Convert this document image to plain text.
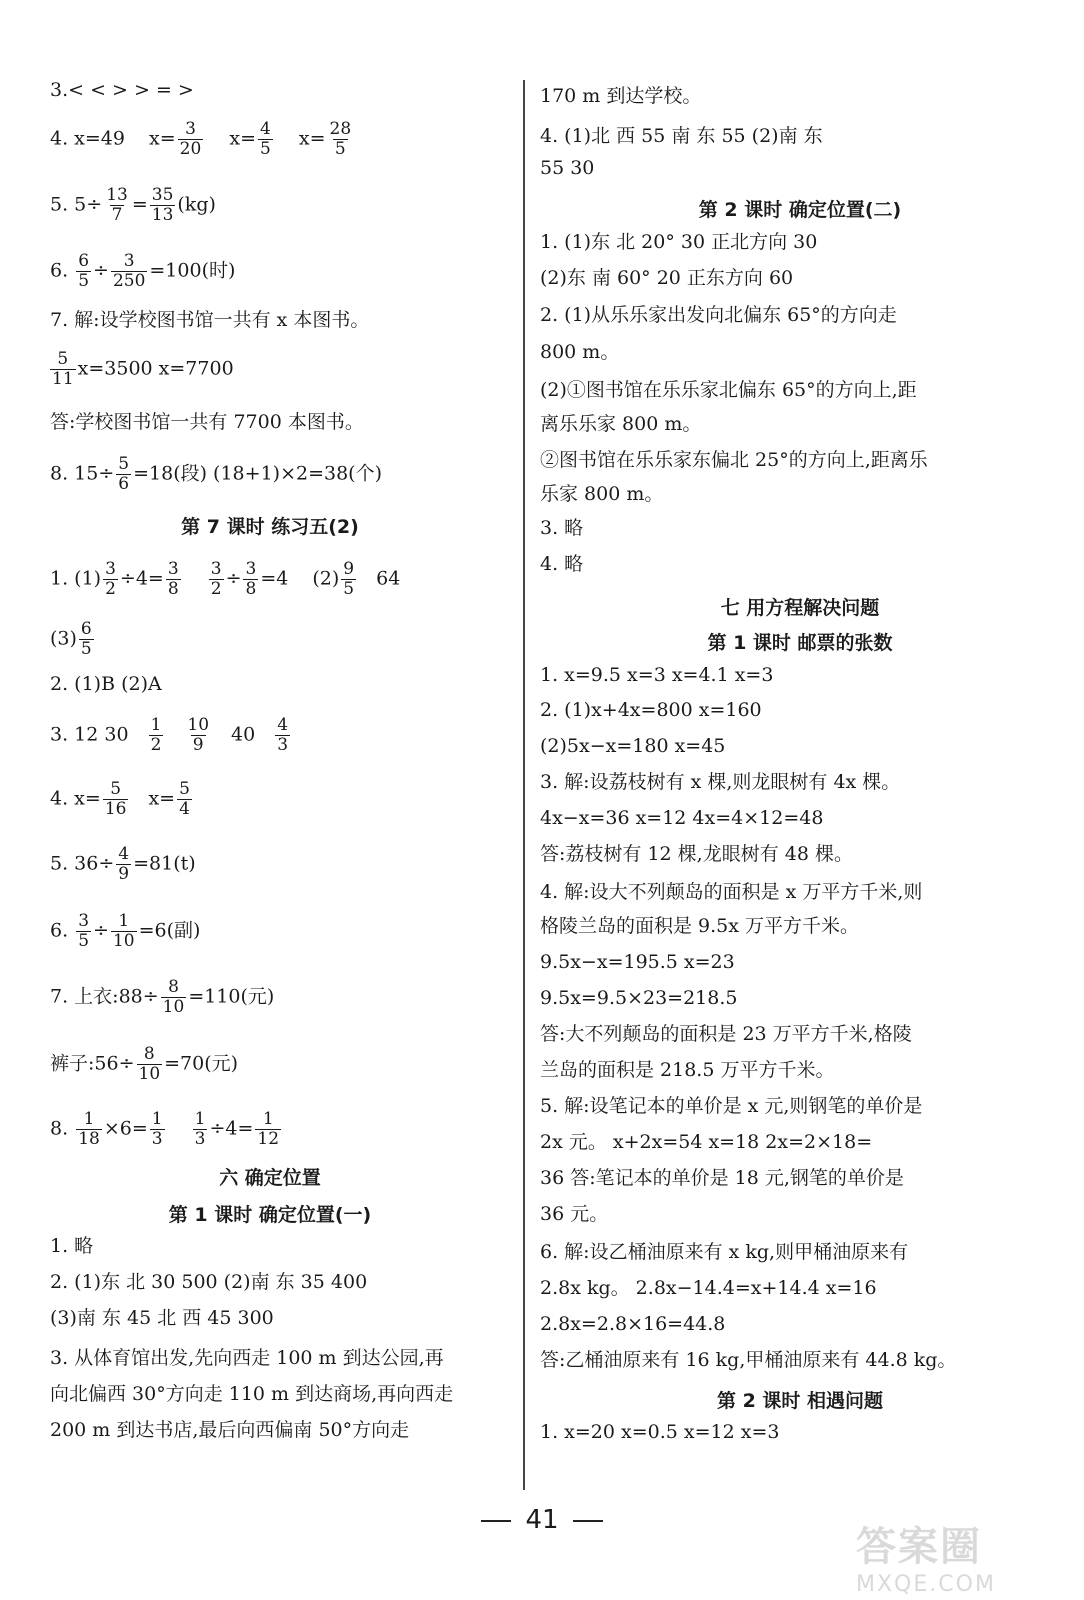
3.< < > > = >
4. x=49 $x= \frac{3}{20} x= \frac{4}{5} x= \frac{28}{5}$
5. $5\div \frac{13}{7} = \frac{35}{13} (kg)$
6. $\frac{6}{5} \div \frac{3}{250} =100$(时)
7. 解:设学校图书馆一共有 x 本图书。
$\frac{5}{11} x=3500$ x=7700
答:学校图书馆一共有 7700 本图书。
8. $15\div \frac{5}{6} =18$(段) (18+1)×2=38(个)
第 7 课时 练习五(2)
1. $(1) \frac{3}{2} \div 4= \frac{3}{8}$
$\frac{3}{2} \div \frac{3}{8} =4$ $(2) \frac{9}{5} 64$
$(3) \frac{6}{5}$
2. (1)B (2)A
3. 12 $30 \frac{1}{2} \frac{10}{9} 40 \frac{4}{3}$
4. $x= \frac{5}{16} x= \frac{5}{4}$
5. $36\div \frac{4}{9} =81(t)$
6. $\frac{3}{5} \div \frac{1}{10} =6$(副)
7. 上衣:88÷ $\frac{8}{10} =110$(元)
裤子:56÷ $\frac{8}{10} =70$(元)
8. $\frac{1}{18} \times 6= \frac{1}{3}$
$\frac{1}{3} \div 4= \frac{1}{12}$
六 确定位置
第 1 课时 确定位置(一)
1. 略
2. (1)东 北 30 500 (2)南 东 35 400
(3)南 东 45 北 西 45 300
3. 从体育馆出发,先向西走 100 m 到达公园,再
向北偏西 30°方向走 110 m 到达商场,再向西走
200 m 到达书店,最后向西偏南 50°方向走
170 m 到达学校。
4. (1)北 西 55 南 东 55 (2)南 东
55 30
第 2 课时 确定位置(二)
1. (1)东 北 20° 30 正北方向 30
(2)东 南 60° 20 正东方向 60
2. (1)从乐乐家出发向北偏东 65°的方向走
800 m。
(2)①图书馆在乐乐家北偏东 65°的方向上,距
离乐乐家 800 m。
②图书馆在乐乐家东偏北 25°的方向上,距离乐
乐家 800 m。
3. 略
4. 略
七 用方程解决问题
第 1 课时 邮票的张数
1. x=9.5 x=3 x=4.1 x=3
2. (1)x+4x=800 x=160
(2)5x−x=180 x=45
3. 解:设荔枝树有 x 棵,则龙眼树有 4x 棵。
4x−x=36 x=12 4x=4×12=48
答:荔枝树有 12 棵,龙眼树有 48 棵。
4. 解:设大不列颠岛的面积是 x 万平方千米,则
格陵兰岛的面积是 9.5x 万平方千米。
9.5x−x=195.5 x=23
9.5x=9.5×23=218.5
答:大不列颠岛的面积是 23 万平方千米,格陵
兰岛的面积是 218.5 万平方千米。
5. 解:设笔记本的单价是 x 元,则钢笔的单价是
2x 元。 x+2x=54 x=18 2x=2×18=
36 答:笔记本的单价是 18 元,钢笔的单价是
36 元。
6. 解:设乙桶油原来有 x kg,则甲桶油原来有
2.8x kg。 2.8x−14.4=x+14.4 x=16
2.8x=2.8×16=44.8
答:乙桶油原来有 16 kg,甲桶油原来有 44.8 kg。
第 2 课时 相遇问题
1. x=20 x=0.5 x=12 x=3
41
答案圈
MXQE.COM
